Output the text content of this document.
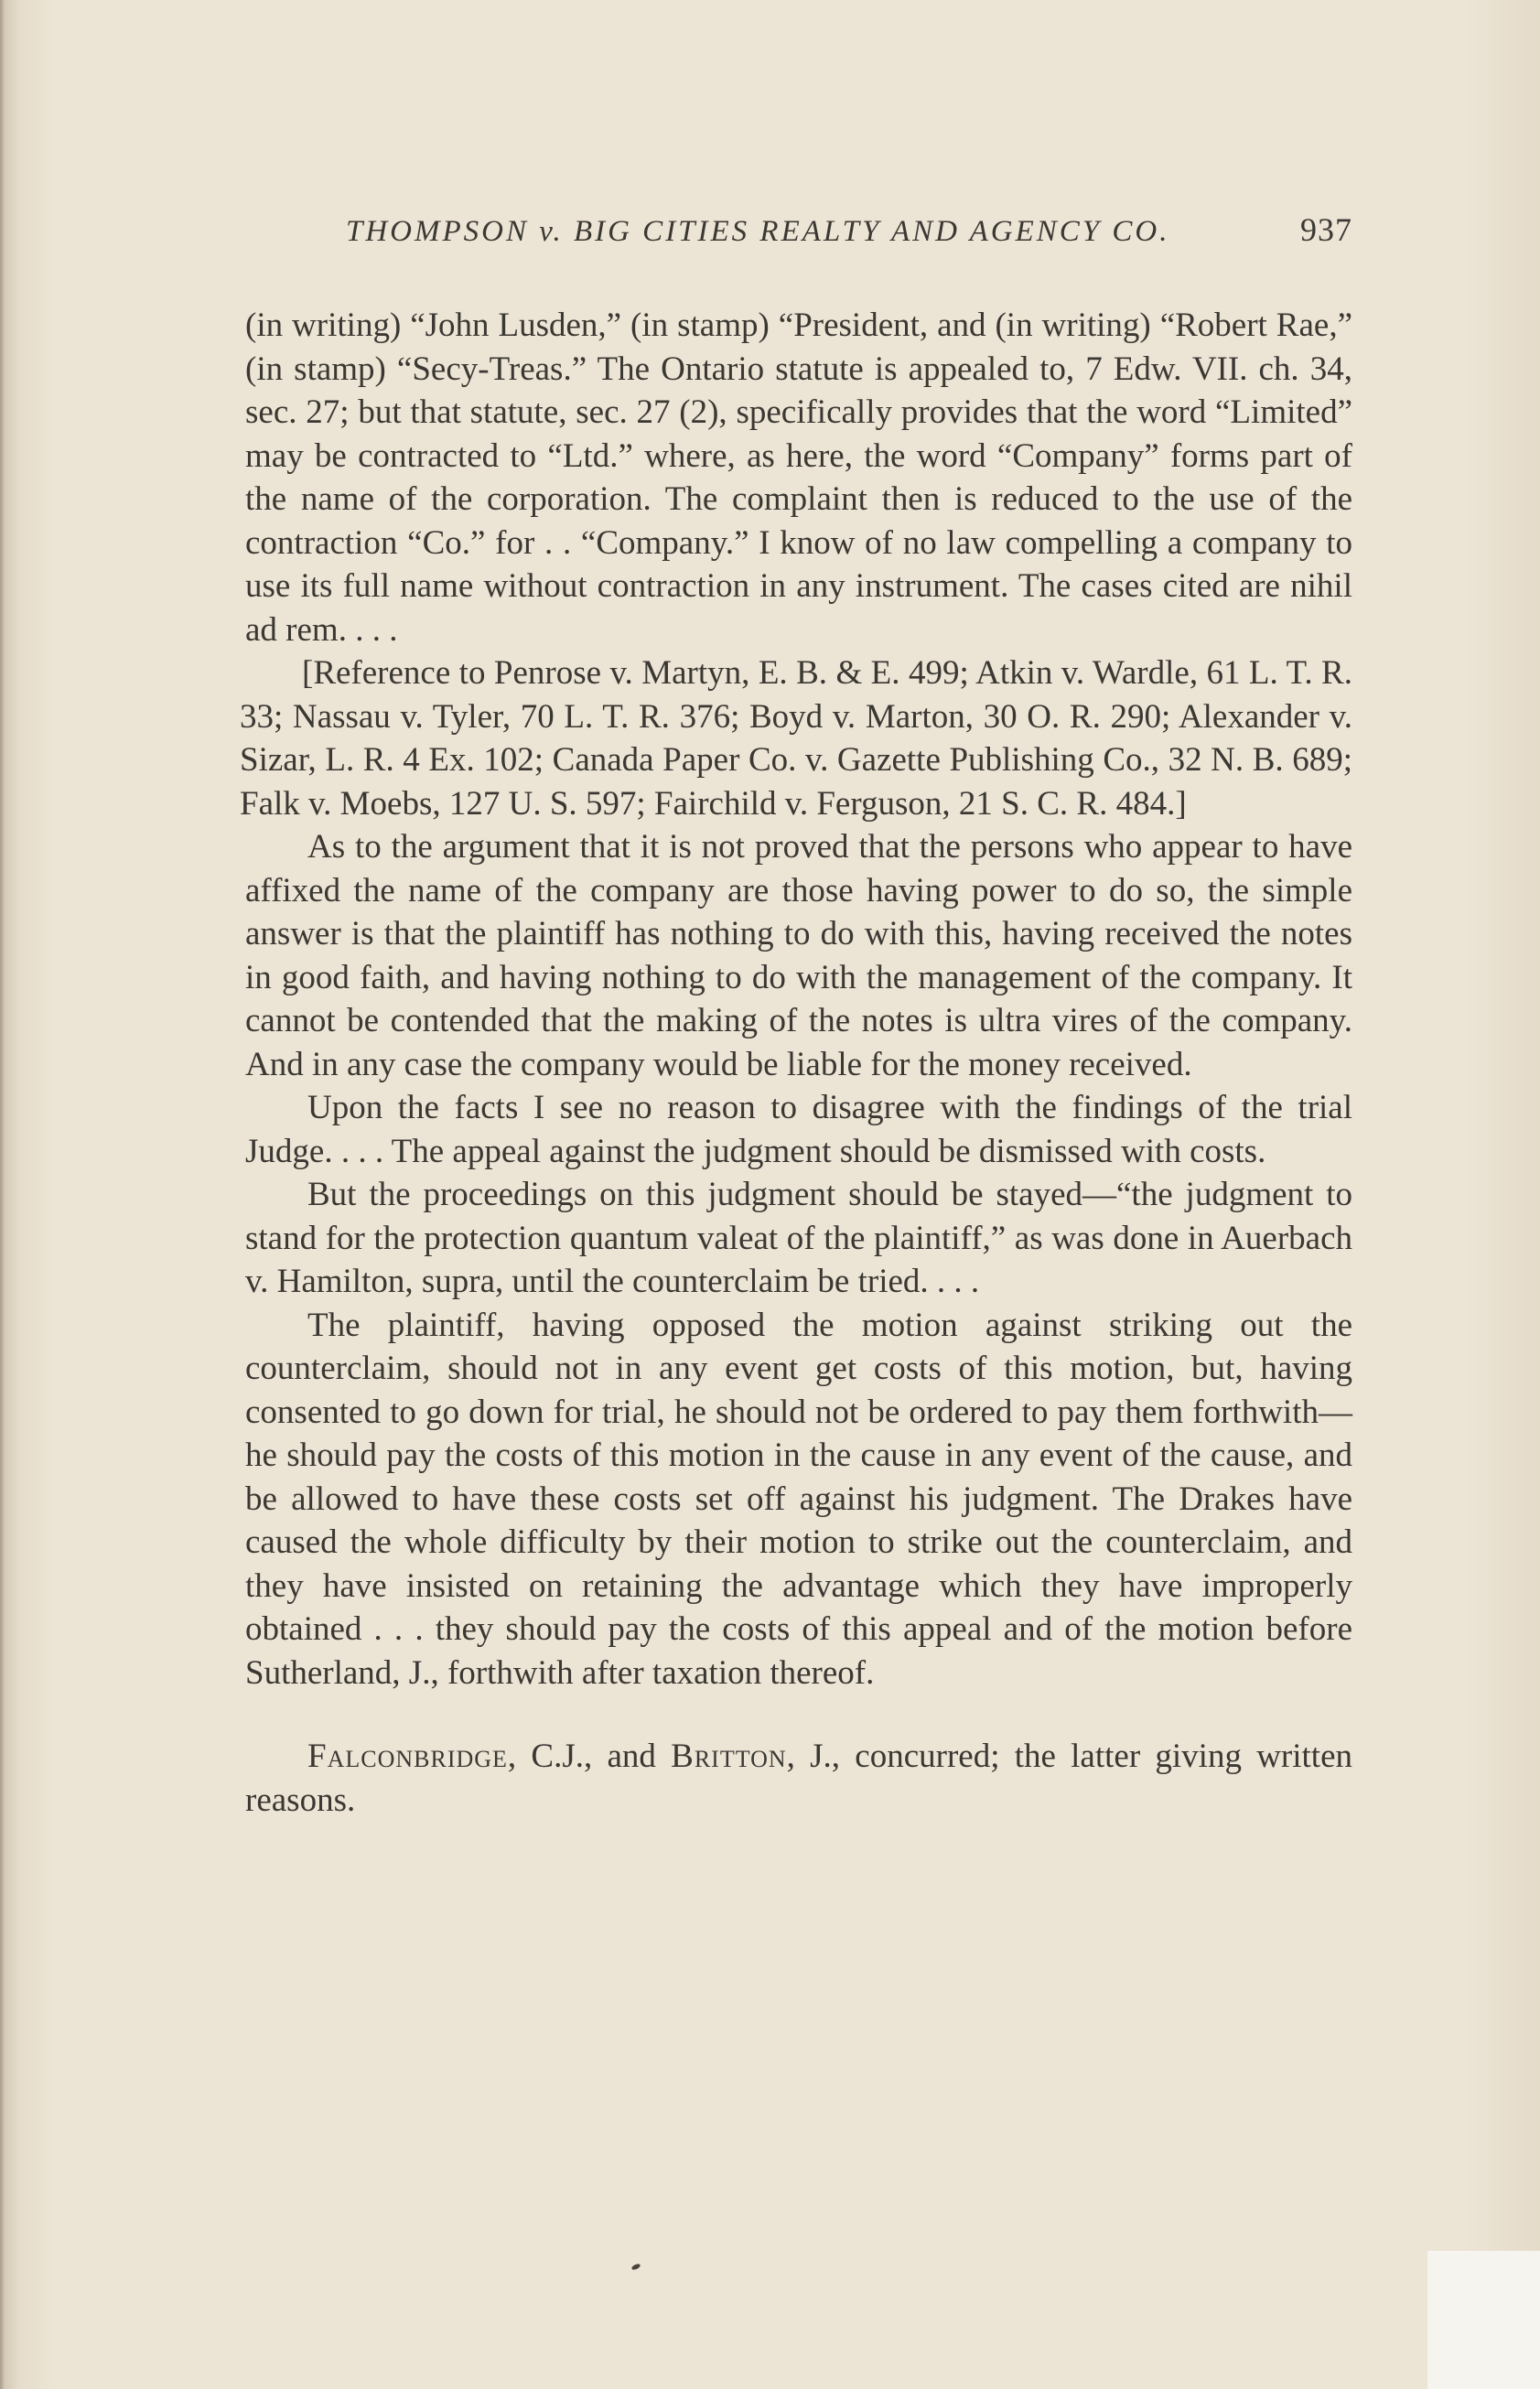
THOMPSON v. BIG CITIES REALTY AND AGENCY CO.	937

(in writing) “John Lusden,” (in stamp) “President, and (in writing) “Robert Rae,” (in stamp) “Secy-Treas.” The Ontario statute is appealed to, 7 Edw. VII. ch. 34, sec. 27; but that statute, sec. 27 (2), specifically provides that the word “Limited” may be contracted to “Ltd.” where, as here, the word “Company” forms part of the name of the corporation. The complaint then is reduced to the use of the contraction “Co.” for . . “Company.” I know of no law compelling a company to use its full name without contraction in any instrument. The cases cited are nihil ad rem. . . .

[Reference to Penrose v. Martyn, E. B. & E. 499; Atkin v. Wardle, 61 L. T. R. 33; Nassau v. Tyler, 70 L. T. R. 376; Boyd v. Marton, 30 O. R. 290; Alexander v. Sizar, L. R. 4 Ex. 102; Canada Paper Co. v. Gazette Publishing Co., 32 N. B. 689; Falk v. Moebs, 127 U. S. 597; Fairchild v. Ferguson, 21 S. C. R. 484.]

As to the argument that it is not proved that the persons who appear to have affixed the name of the company are those having power to do so, the simple answer is that the plaintiff has nothing to do with this, having received the notes in good faith, and having nothing to do with the management of the company. It cannot be contended that the making of the notes is ultra vires of the company. And in any case the company would be liable for the money received.

Upon the facts I see no reason to disagree with the findings of the trial Judge. . . . The appeal against the judgment should be dismissed with costs.

But the proceedings on this judgment should be stayed—“the judgment to stand for the protection quantum valeat of the plaintiff,” as was done in Auerbach v. Hamilton, supra, until the counterclaim be tried. . . .

The plaintiff, having opposed the motion against striking out the counterclaim, should not in any event get costs of this motion, but, having consented to go down for trial, he should not be ordered to pay them forthwith—he should pay the costs of this motion in the cause in any event of the cause, and be allowed to have these costs set off against his judgment. The Drakes have caused the whole difficulty by their motion to strike out the counterclaim, and they have insisted on retaining the advantage which they have improperly obtained . . . they should pay the costs of this appeal and of the motion before Sutherland, J., forthwith after taxation thereof.

Falconbridge, C.J., and Britton, J., concurred; the latter giving written reasons.
